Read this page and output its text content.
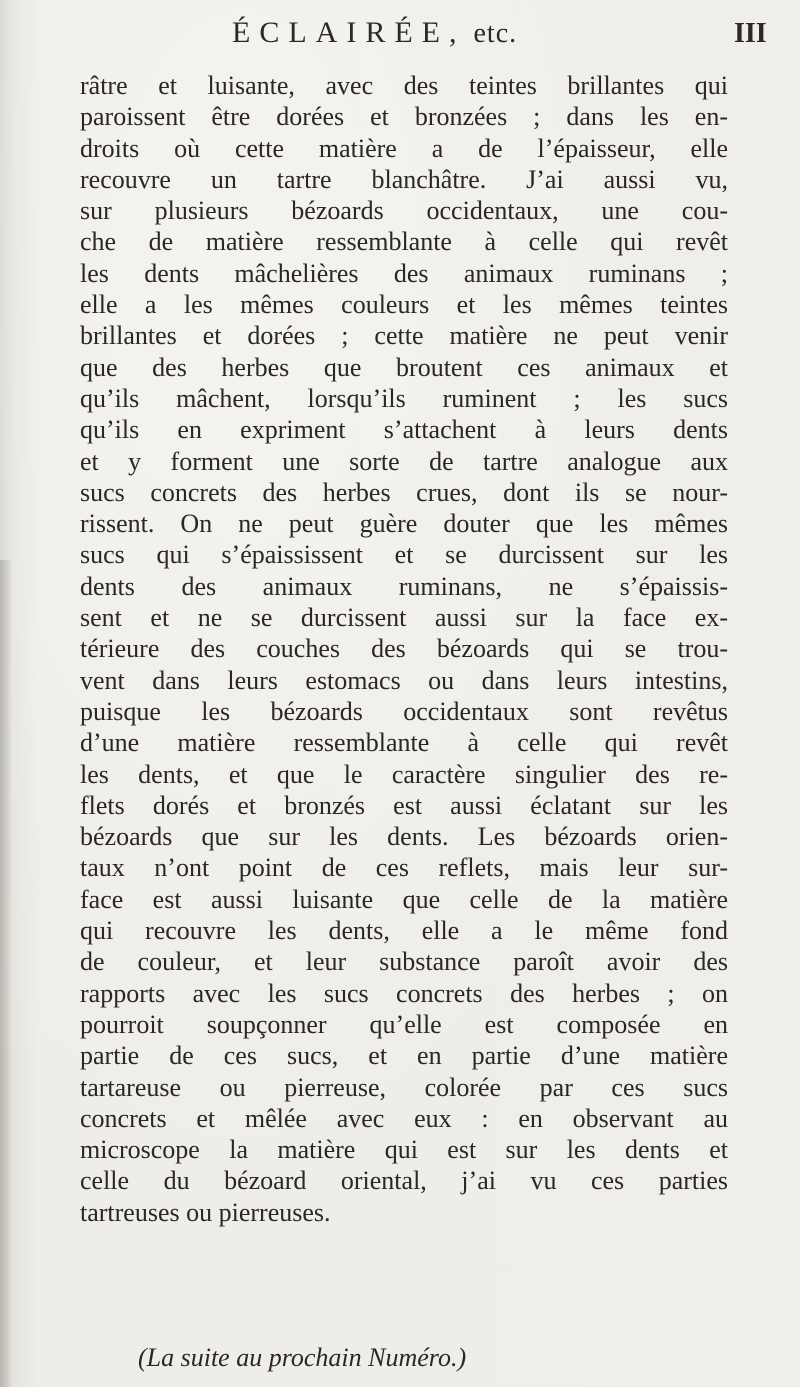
ÉCLAIRÉE, etc.	III
râtre et luisante, avec des teintes brillantes qui
paroissent être dorées et bronzées ; dans les en-
droits où cette matière a de l’épaisseur, elle
recouvre un tartre blanchâtre. J’ai aussi vu,
sur plusieurs bézoards occidentaux, une cou-
che de matière ressemblante à celle qui revêt
les dents mâchelières des animaux ruminans ;
elle a les mêmes couleurs et les mêmes teintes
brillantes et dorées ; cette matière ne peut venir
que des herbes que broutent ces animaux et
qu’ils mâchent, lorsqu’ils ruminent ; les sucs
qu’ils en expriment s’attachent à leurs dents
et y forment une sorte de tartre analogue aux
sucs concrets des herbes crues, dont ils se nour-
rissent. On ne peut guère douter que les mêmes
sucs qui s’épaississent et se durcissent sur les
dents des animaux ruminans, ne s’épaissis-
sent et ne se durcissent aussi sur la face ex-
térieure des couches des bézoards qui se trou-
vent dans leurs estomacs ou dans leurs intestins,
puisque les bézoards occidentaux sont revêtus
d’une matière ressemblante à celle qui revêt
les dents, et que le caractère singulier des re-
flets dorés et bronzés est aussi éclatant sur les
bézoards que sur les dents. Les bézoards orien-
taux n’ont point de ces reflets, mais leur sur-
face est aussi luisante que celle de la matière
qui recouvre les dents, elle a le même fond
de couleur, et leur substance paroît avoir des
rapports avec les sucs concrets des herbes ; on
pourroit soupçonner qu’elle est composée en
partie de ces sucs, et en partie d’une matière
tartareuse ou pierreuse, colorée par ces sucs
concrets et mêlée avec eux : en observant au
microscope la matière qui est sur les dents et
celle du bézoard oriental, j’ai vu ces parties
tartreuses ou pierreuses.
(La suite au prochain Numéro.)
